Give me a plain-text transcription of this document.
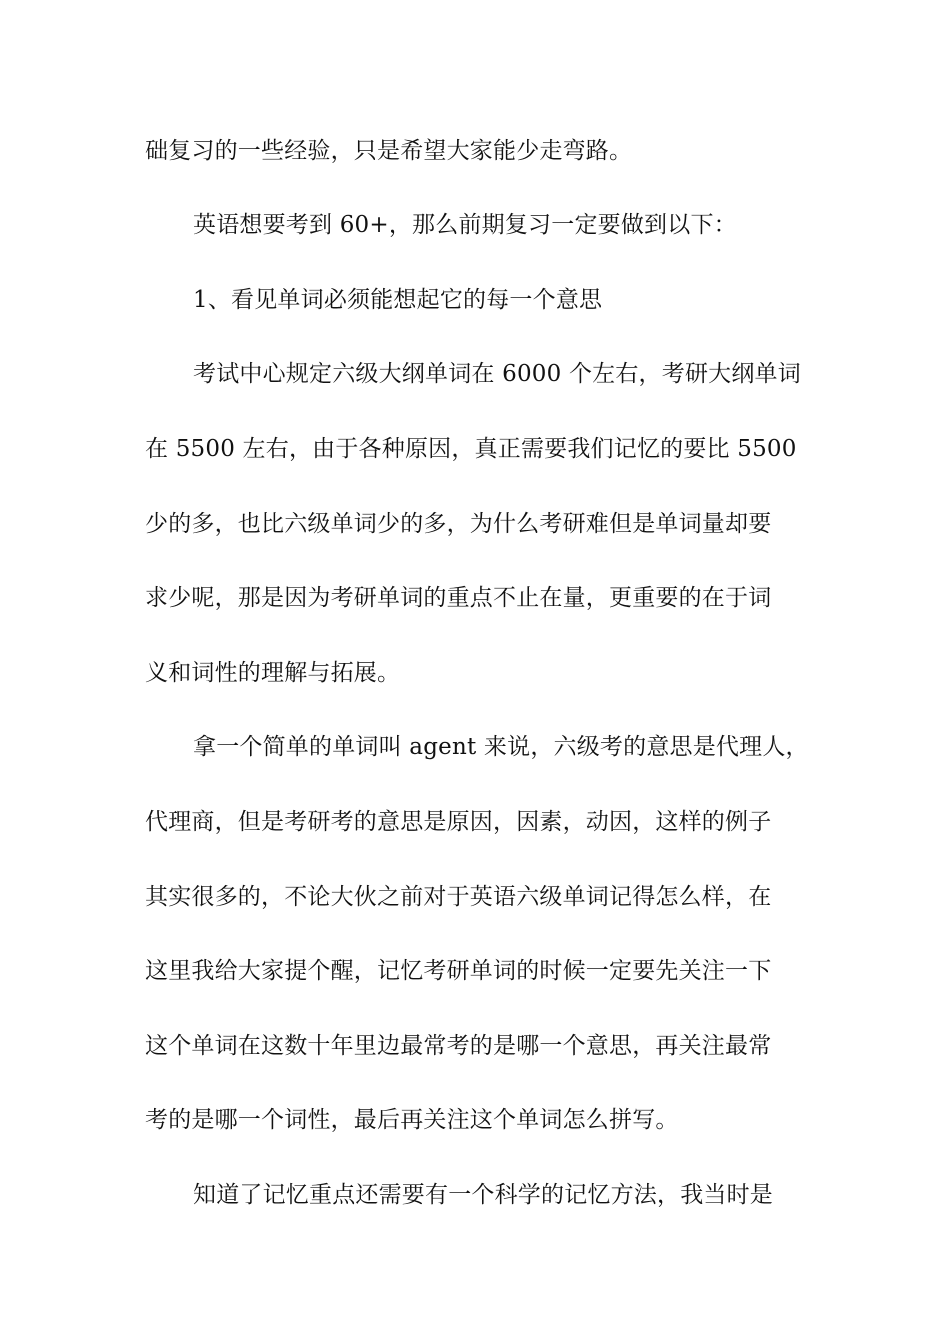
础复习的一些经验，只是希望大家能少走弯路。

英语想要考到 60+，那么前期复习一定要做到以下：

1、看见单词必须能想起它的每一个意思

考试中心规定六级大纲单词在 6000 个左右，考研大纲单词

在 5500 左右，由于各种原因，真正需要我们记忆的要比 5500

少的多，也比六级单词少的多，为什么考研难但是单词量却要

求少呢，那是因为考研单词的重点不止在量，更重要的在于词

义和词性的理解与拓展。

拿一个简单的单词叫 agent 来说，六级考的意思是代理人，

代理商，但是考研考的意思是原因，因素，动因，这样的例子

其实很多的，不论大伙之前对于英语六级单词记得怎么样，在

这里我给大家提个醒，记忆考研单词的时候一定要先关注一下

这个单词在这数十年里边最常考的是哪一个意思，再关注最常

考的是哪一个词性，最后再关注这个单词怎么拼写。

知道了记忆重点还需要有一个科学的记忆方法，我当时是
